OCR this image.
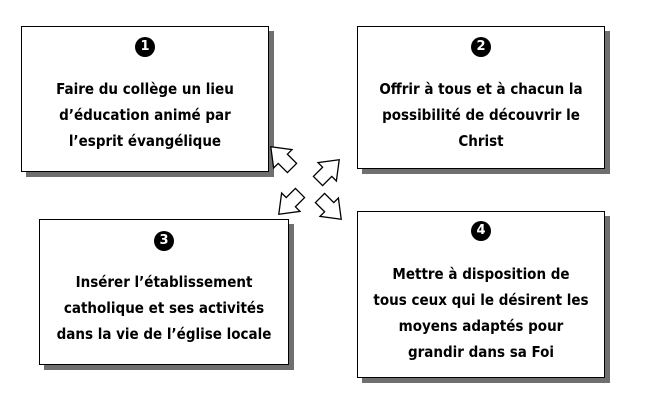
1
Faire du collège un lieu
d’éducation animé par
l’esprit évangélique
2
Offrir à tous et à chacun la
possibilité de découvrir le
Christ
3
Insérer l’établissement
catholique et ses activités
dans la vie de l’église locale
4
Mettre à disposition de
tous ceux qui le désirent les
moyens adaptés pour
grandir dans sa Foi
